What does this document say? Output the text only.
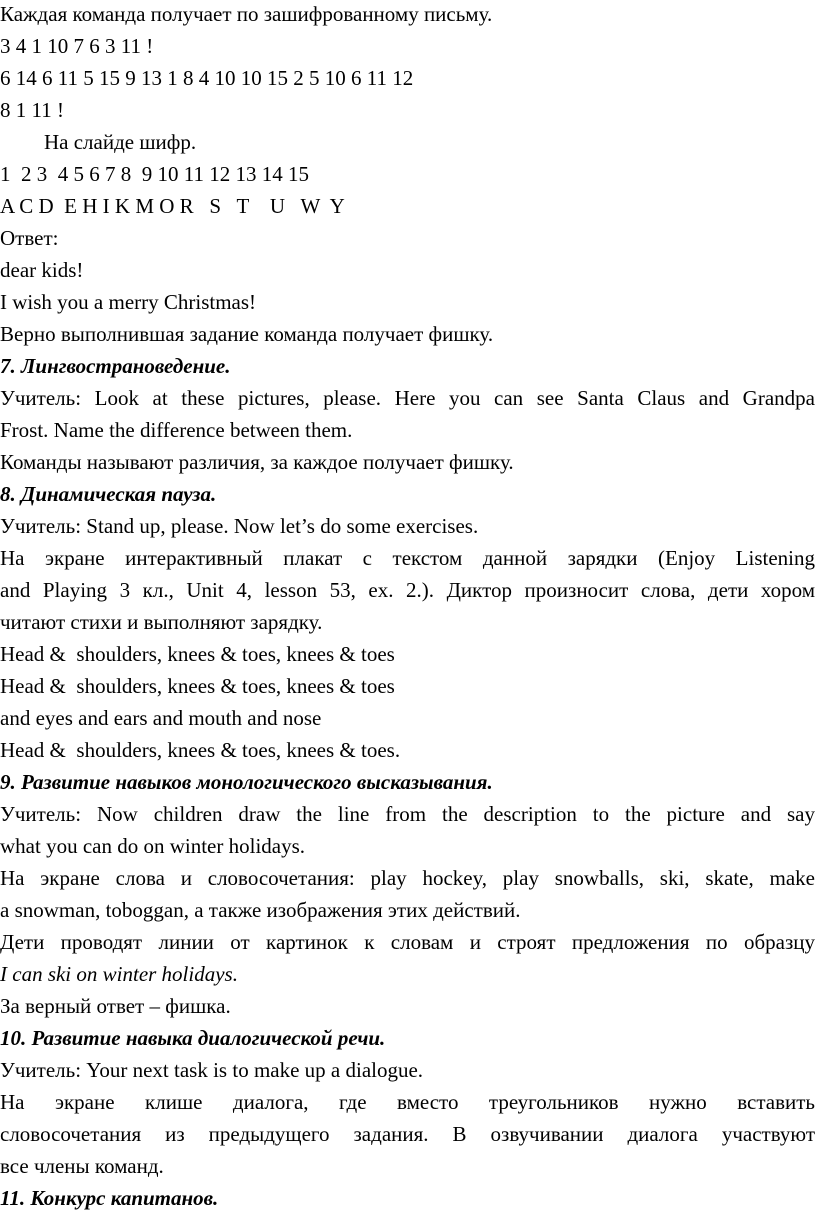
Каждая команда получает по зашифрованному письму.
3 4 1 10 7 6 3 11 !
6 14 6 11 5 15 9 13 1 8 4 10 10 15 2 5 10 6 11 12
8 1 11 !
На слайде шифр.
1  2 3  4 5 6 7 8  9 10 11 12 13 14 15
A C D  E H I K M O R   S   T    U   W  Y
Ответ:
dear kids!
I wish you a merry Christmas!
Верно выполнившая задание команда получает фишку.
7. Лингвострановедение.
Учитель: Look at these pictures, please. Here you can see Santa Claus and Grandpa
Frost. Name the difference between them.
Команды называют различия, за каждое получает фишку.
8. Динамическая пауза.
Учитель: Stand up, please. Now let’s do some exercises.
На экране интерактивный плакат с текстом данной зарядки (Enjoy Listening
and Playing 3 кл., Unit 4, lesson 53, ex. 2.). Диктор произносит слова, дети хором
читают стихи и выполняют зарядку.
Head &  shoulders, knees & toes, knees & toes
Head &  shoulders, knees & toes, knees & toes
and eyes and ears and mouth and nose
Head &  shoulders, knees & toes, knees & toes.
9. Развитие навыков монологического высказывания.
Учитель: Now children draw the line from the description to the picture and say
what you can do on winter holidays.
На экране слова и словосочетания: play hockey, play snowballs, ski, skate, make
a snowman, toboggan, а также изображения этих действий.
Дети проводят линии от картинок к словам и строят предложения по образцу
I can ski on winter holidays.
За верный ответ – фишка.
10. Развитие навыка диалогической речи.
Учитель: Your next task is to make up a dialogue.
На экране клише диалога, где вместо треугольников нужно вставить
словосочетания из предыдущего задания. В озвучивании диалога участвуют
все члены команд.
11. Конкурс капитанов.
